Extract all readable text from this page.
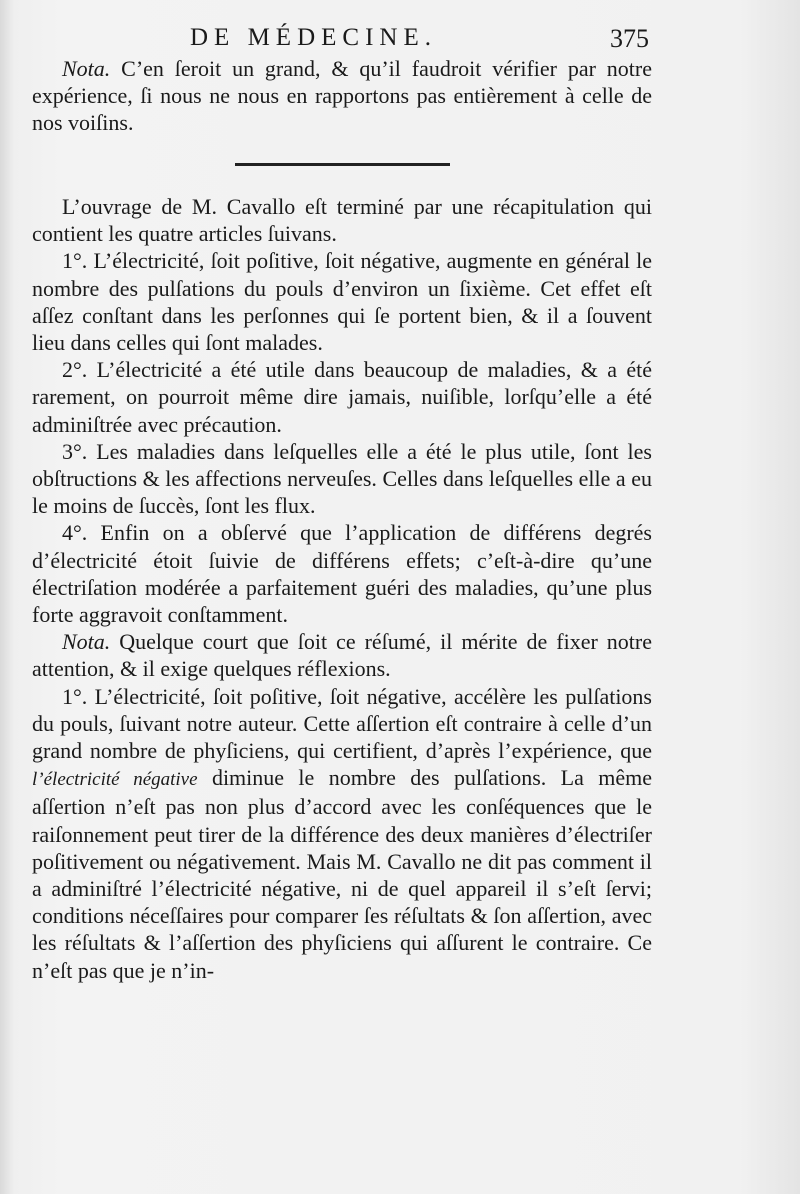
DE MÉDECINE.	375

Nota. C’en ſeroit un grand, & qu’il faudroit vérifier par notre expérience, ſi nous ne nous en rapportons pas entièrement à celle de nos voiſins.

L’ouvrage de M. Cavallo eſt terminé par une récapitulation qui contient les quatre articles ſuivans.

1°. L’électricité, ſoit poſitive, ſoit négative, augmente en général le nombre des pulſations du pouls d’environ un ſixième. Cet effet eſt aſſez conſtant dans les perſonnes qui ſe portent bien, & il a ſouvent lieu dans celles qui ſont malades.

2°. L’électricité a été utile dans beaucoup de maladies, & a été rarement, on pourroit même dire jamais, nuiſible, lorſqu’elle a été adminiſtrée avec précaution.

3°. Les maladies dans leſquelles elle a été le plus utile, ſont les obſtructions & les affections nerveuſes. Celles dans leſquelles elle a eu le moins de ſuccès, ſont les flux.

4°. Enfin on a obſervé que l’application de différens degrés d’électricité étoit ſuivie de différens effets; c’eſt-à-dire qu’une électriſation modérée a parfaitement guéri des maladies, qu’une plus forte aggravoit conſtamment.

Nota. Quelque court que ſoit ce réſumé, il mérite de fixer notre attention, & il exige quelques réflexions.

1°. L’électricité, ſoit poſitive, ſoit négative, accélère les pulſations du pouls, ſuivant notre auteur. Cette aſſertion eſt contraire à celle d’un grand nombre de phyſiciens, qui certifient, d’après l’expérience, que l’électricité négative diminue le nombre des pulſations. La même aſſertion n’eſt pas non plus d’accord avec les conſéquences que le raiſonnement peut tirer de la différence des deux manières d’électriſer poſitivement ou négativement. Mais M. Cavallo ne dit pas comment il a adminiſtré l’électricité négative, ni de quel appareil il s’eſt ſervi; conditions néceſſaires pour comparer ſes réſultats & ſon aſſertion, avec les réſultats & l’aſſertion des phyſiciens qui aſſurent le contraire. Ce n’eſt pas que je n’in-
